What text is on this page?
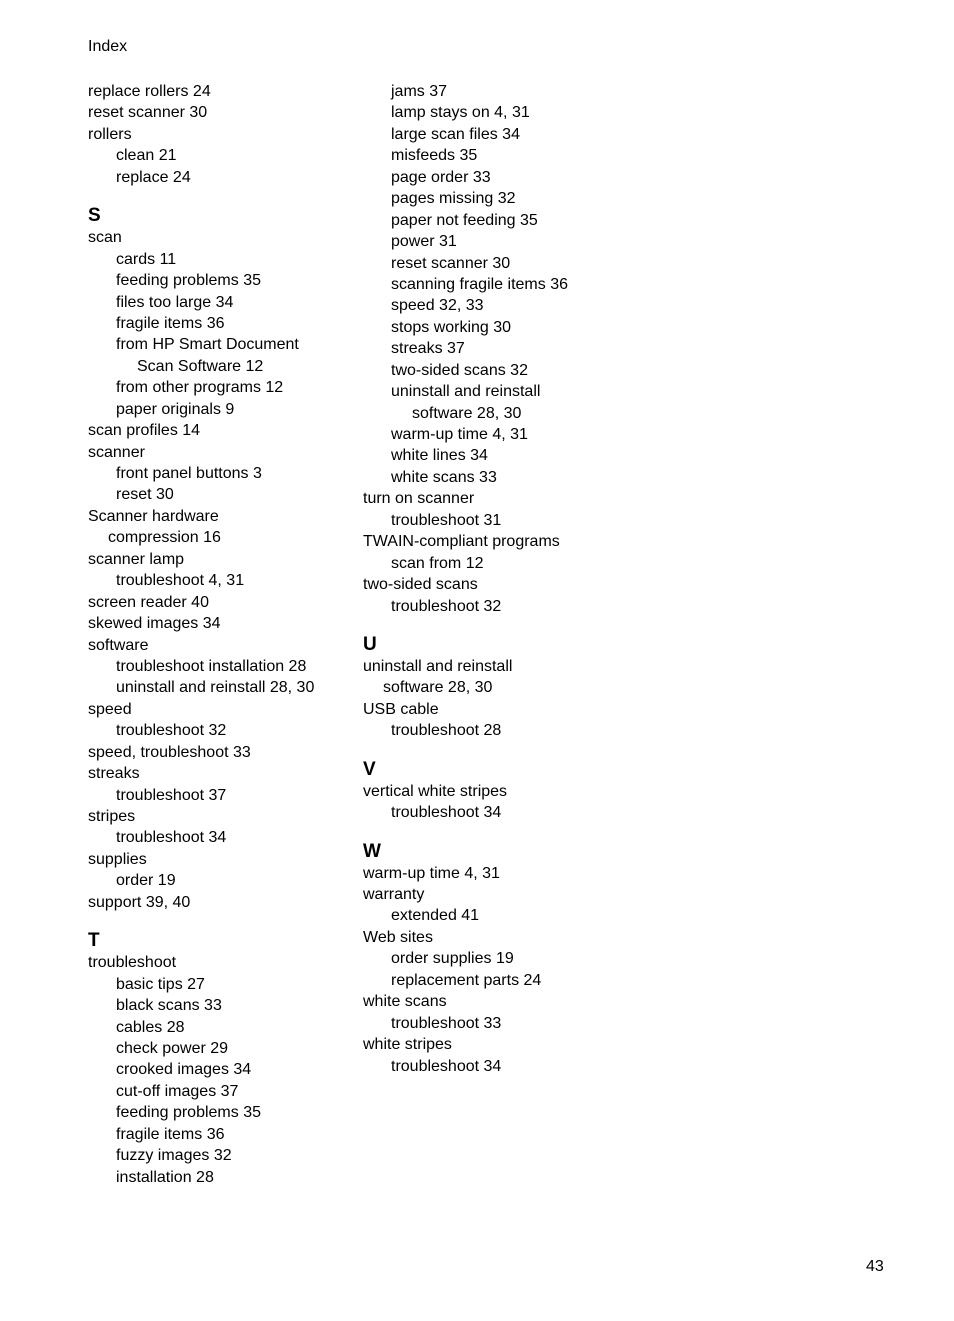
Index
replace rollers 24
reset scanner 30
rollers
clean 21
replace 24
S
scan
cards 11
feeding problems 35
files too large 34
fragile items 36
from HP Smart Document
Scan Software 12
from other programs 12
paper originals 9
scan profiles 14
scanner
front panel buttons 3
reset 30
Scanner hardware
compression 16
scanner lamp
troubleshoot 4, 31
screen reader 40
skewed images 34
software
troubleshoot installation 28
uninstall and reinstall 28, 30
speed
troubleshoot 32
speed, troubleshoot 33
streaks
troubleshoot 37
stripes
troubleshoot 34
supplies
order 19
support 39, 40
T
troubleshoot
basic tips 27
black scans 33
cables 28
check power 29
crooked images 34
cut-off images 37
feeding problems 35
fragile items 36
fuzzy images 32
installation 28
jams 37
lamp stays on 4, 31
large scan files 34
misfeeds 35
page order 33
pages missing 32
paper not feeding 35
power 31
reset scanner 30
scanning fragile items 36
speed 32, 33
stops working 30
streaks 37
two-sided scans 32
uninstall and reinstall
software 28, 30
warm-up time 4, 31
white lines 34
white scans 33
turn on scanner
troubleshoot 31
TWAIN-compliant programs
scan from 12
two-sided scans
troubleshoot 32
U
uninstall and reinstall
software 28, 30
USB cable
troubleshoot 28
V
vertical white stripes
troubleshoot 34
W
warm-up time 4, 31
warranty
extended 41
Web sites
order supplies 19
replacement parts 24
white scans
troubleshoot 33
white stripes
troubleshoot 34
43
